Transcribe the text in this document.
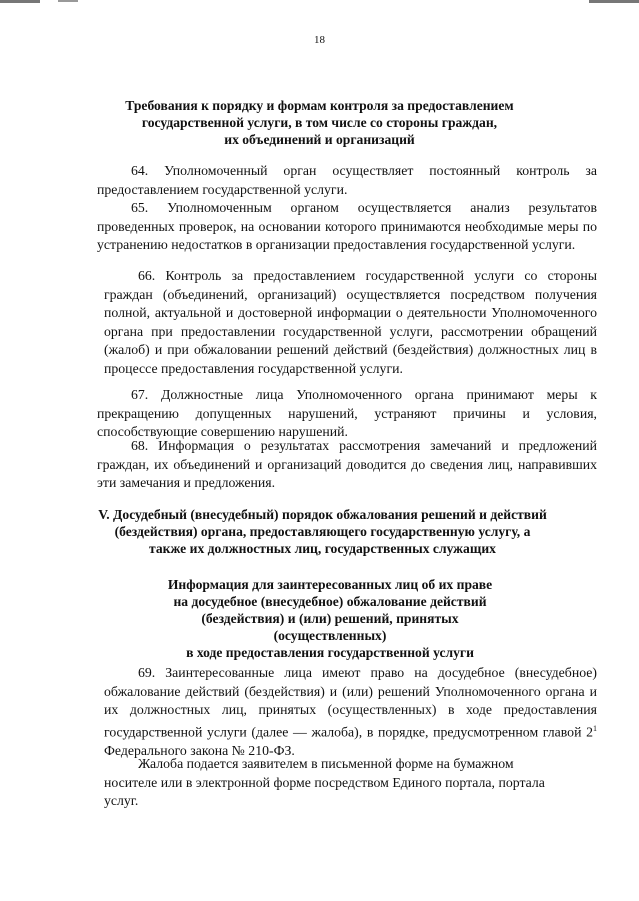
18
Требования к порядку и формам контроля за предоставлением
государственной услуги, в том числе со стороны граждан,
их объединений и организаций

64. Уполномоченный орган осуществляет постоянный контроль за предоставлением государственной услуги.

65. Уполномоченным органом осуществляется анализ результатов проведенных проверок, на основании которого принимаются необходимые меры по устранению недостатков в организации предоставления государственной услуги.

66. Контроль за предоставлением государственной услуги со стороны граждан (объединений, организаций) осуществляется посредством получения полной, актуальной и достоверной информации о деятельности Уполномоченного органа при предоставлении государственной услуги, рассмотрении обращений (жалоб) и при обжаловании решений действий (бездействия) должностных лиц в процессе предоставления государственной услуги.

67. Должностные лица Уполномоченного органа принимают меры к прекращению допущенных нарушений, устраняют причины и условия, способствующие совершению нарушений.

68. Информация о результатах рассмотрения замечаний и предложений граждан, их объединений и организаций доводится до сведения лиц, направивших эти замечания и предложения.

V. Досудебный (внесудебный) порядок обжалования решений и действий
(бездействия) органа, предоставляющего государственную услугу, а
также их должностных лиц, государственных служащих
Информация для заинтересованных лиц об их праве
на досудебное (внесудебное) обжалование действий
(бездействия) и (или) решений, принятых
(осуществленных)
в ходе предоставления государственной услуги

69. Заинтересованные лица имеют право на досудебное (внесудебное) обжалование действий (бездействия) и (или) решений Уполномоченного органа и их должностных лиц, принятых (осуществленных) в ходе предоставления государственной услуги (далее — жалоба), в порядке, предусмотренном главой $2^1$ Федерального закона № 210-ФЗ.

Жалоба подается заявителем в письменной форме на бумажном
носителе или в электронной форме посредством Единого портала, портала
услуг.
